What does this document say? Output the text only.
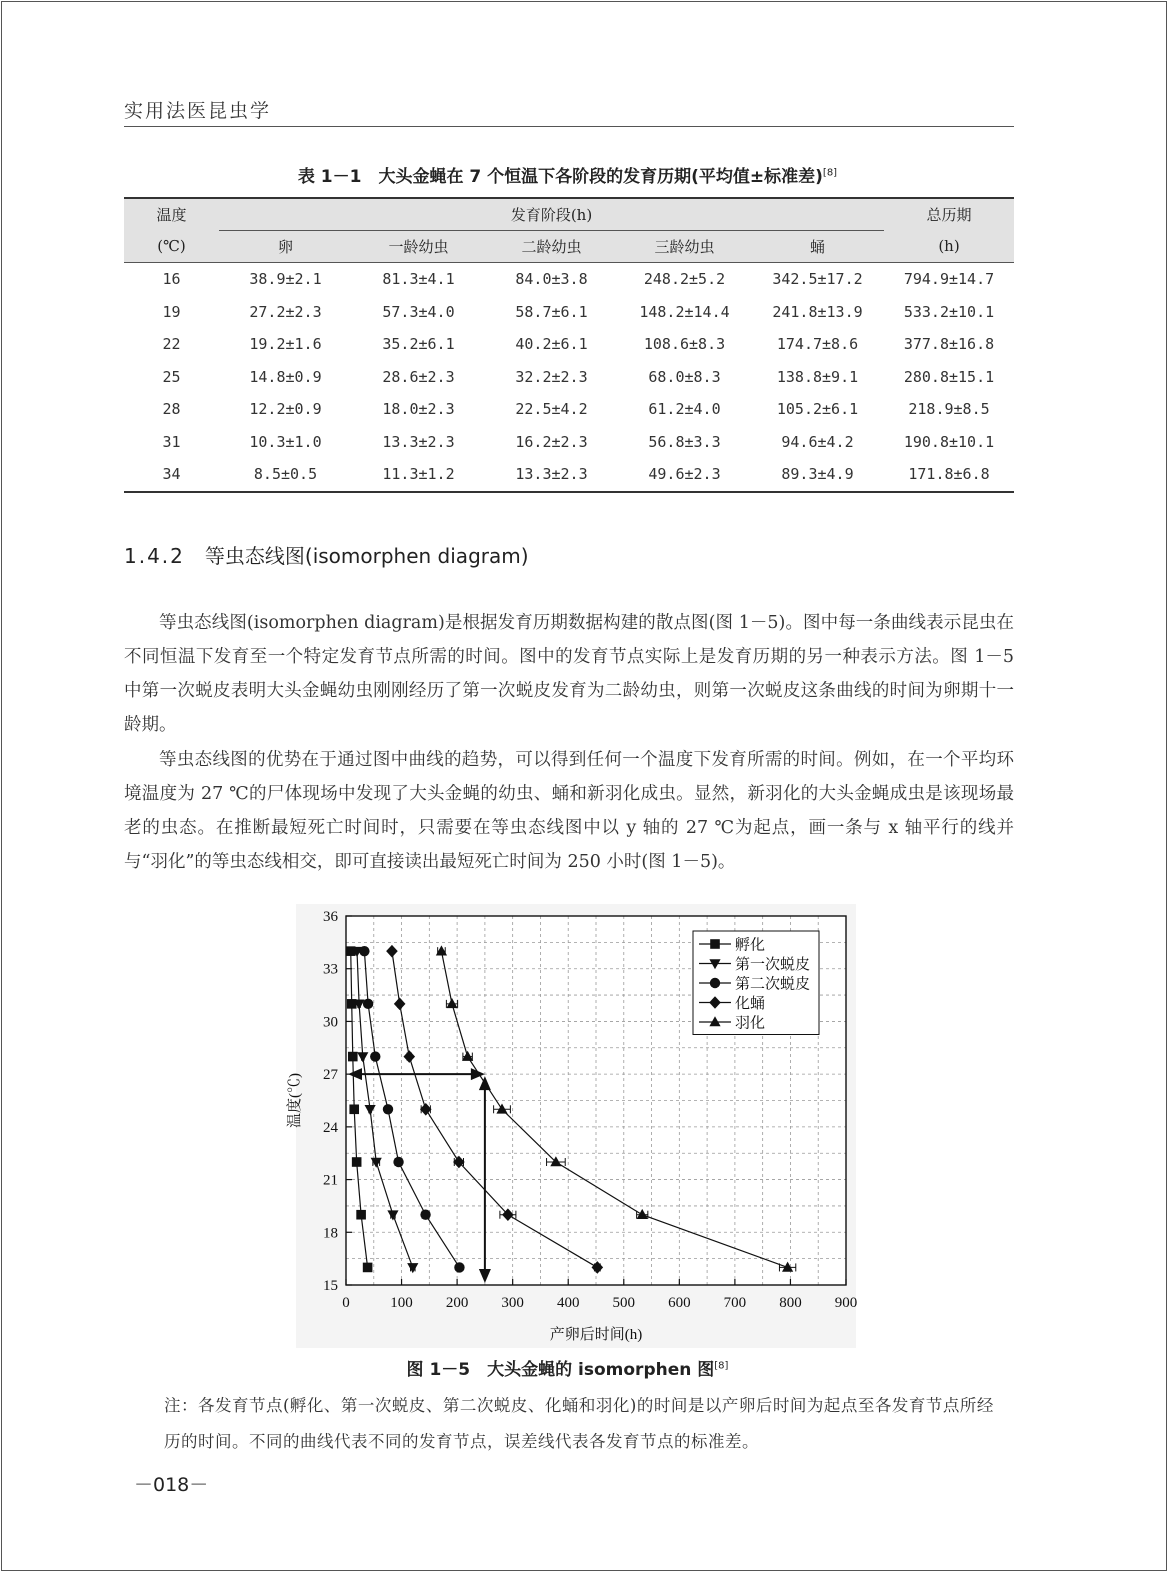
实用法医昆虫学
表 1－1　大头金蝇在 7 个恒温下各阶段的发育历期(平均值±标准差)[8]
温度	发育阶段(h)					总历期
(℃)	卵	一龄幼虫	二龄幼虫	三龄幼虫	蛹	(h)
16	38.9±2.1	81.3±4.1	84.0±3.8	248.2±5.2	342.5±17.2	794.9±14.7
19	27.2±2.3	57.3±4.0	58.7±6.1	148.2±14.4	241.8±13.9	533.2±10.1
22	19.2±1.6	35.2±6.1	40.2±6.1	108.6±8.3	174.7±8.6	377.8±16.8
25	14.8±0.9	28.6±2.3	32.2±2.3	68.0±8.3	138.8±9.1	280.8±15.1
28	12.2±0.9	18.0±2.3	22.5±4.2	61.2±4.0	105.2±6.1	218.9±8.5
31	10.3±1.0	13.3±2.3	16.2±2.3	56.8±3.3	94.6±4.2	190.8±10.1
34	8.5±0.5	11.3±1.2	13.3±2.3	49.6±2.3	89.3±4.9	171.8±6.8
1.4.2 等虫态线图(isomorphen diagram)

等虫态线图(isomorphen diagram)是根据发育历期数据构建的散点图(图 1－5)。图中每一条曲线表示昆虫在不同恒温下发育至一个特定发育节点所需的时间。图中的发育节点实际上是发育历期的另一种表示方法。图 1－5 中第一次蜕皮表明大头金蝇幼虫刚刚经历了第一次蜕皮发育为二龄幼虫，则第一次蜕皮这条曲线的时间为卵期十一龄期。

等虫态线图的优势在于通过图中曲线的趋势，可以得到任何一个温度下发育所需的时间。例如，在一个平均环境温度为 27 ℃的尸体现场中发现了大头金蝇的幼虫、蛹和新羽化成虫。显然，新羽化的大头金蝇成虫是该现场最老的虫态。在推断最短死亡时间时，只需要在等虫态线图中以 y 轴的 27 ℃为起点，画一条与 x 轴平行的线并与“羽化”的等虫态线相交，即可直接读出最短死亡时间为 250 小时(图 1－5)。

0	100 200 300 400 500 600 700 800 900
15
18
21
24
27
30
33
36
产卵后时间(h)
温度(℃)
孵化
第一次蜕皮
第二次蜕皮
化蛹
羽化
图 1－5　大头金蝇的 isomorphen 图[8]
注：各发育节点(孵化、第一次蜕皮、第二次蜕皮、化蛹和羽化)的时间是以产卵后时间为起点至各发育节点所经历的时间。不同的曲线代表不同的发育节点，误差线代表各发育节点的标准差。
－018－
